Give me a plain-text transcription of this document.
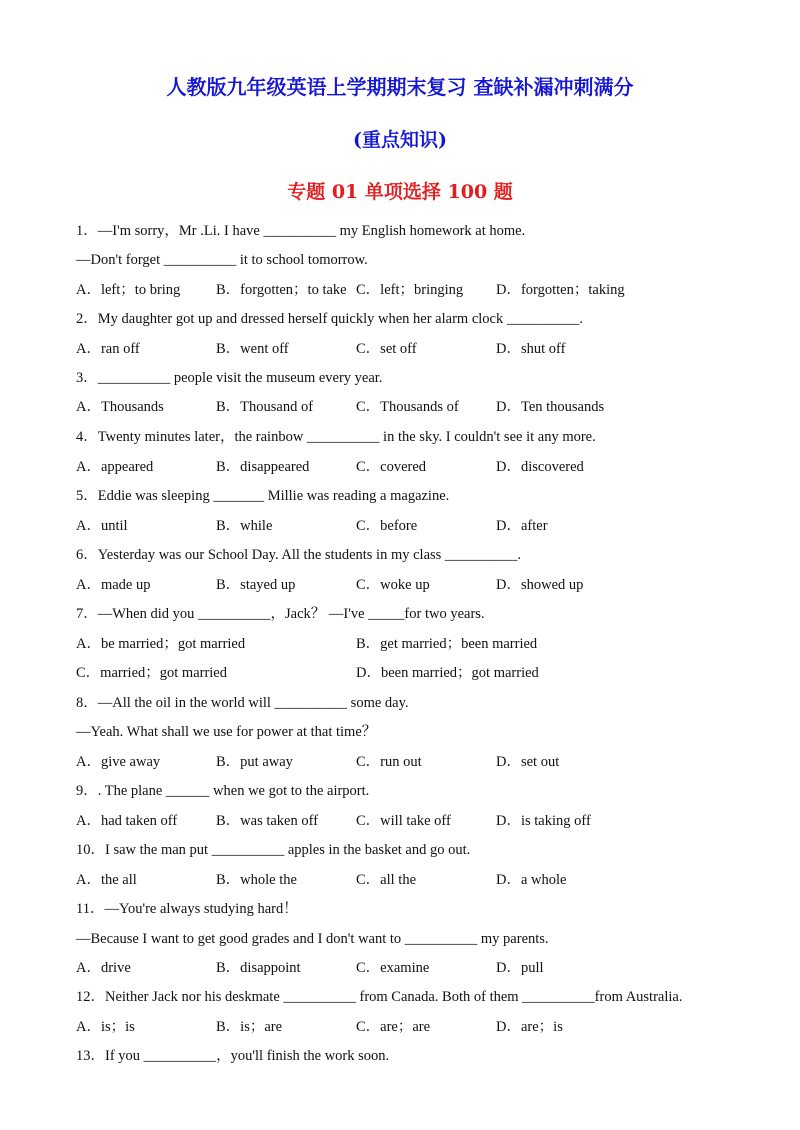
人教版九年级英语上学期期末复习 查缺补漏冲刺满分
(重点知识)
专题 01 单项选择 100 题
1．—I'm sorry，Mr .Li. I have __________ my English homework at home.
—Don't forget __________ it to school tomorrow.
A．left；to bring B．forgotten；to take C．left；bringing D．forgotten；taking
2．My daughter got up and dressed herself quickly when her alarm clock __________.
A．ran off	B．went off	C．set off	D．shut off
3．__________ people visit the museum every year.
A．Thousands	B．Thousand of	C．Thousands of	D．Ten thousands
4．Twenty minutes later，the rainbow __________ in the sky. I couldn't see it any more.
A．appeared	B．disappeared	C．covered	D．discovered
5．Eddie was sleeping _______ Millie was reading a magazine.
A．until	B．while	C．before	D．after
6．Yesterday was our School Day. All the students in my class __________.
A．made up	B．stayed up	C．woke up	D．showed up
7．—When did you __________，Jack？ —I've _____for two years.
A．be married；got married	B．get married；been married
C．married；got married	D．been married；got married
8．—All the oil in the world will __________ some day.
—Yeah. What shall we use for power at that time？
A．give away	B．put away	C．run out	D．set out
9．. The plane ______ when we got to the airport.
A．had taken off	B．was taken off	C．will take off	D．is taking off
10．I saw the man put __________ apples in the basket and go out.
A．the all	B．whole the	C．all the	D．a whole
11．—You're always studying hard！
—Because I want to get good grades and I don't want to __________ my parents.
A．drive	B．disappoint	C．examine	D．pull
12．Neither Jack nor his deskmate __________ from Canada. Both of them __________from Australia.
A．is；is	B．is；are	C．are；are	D．are；is
13．If you __________，you'll finish the work soon.
